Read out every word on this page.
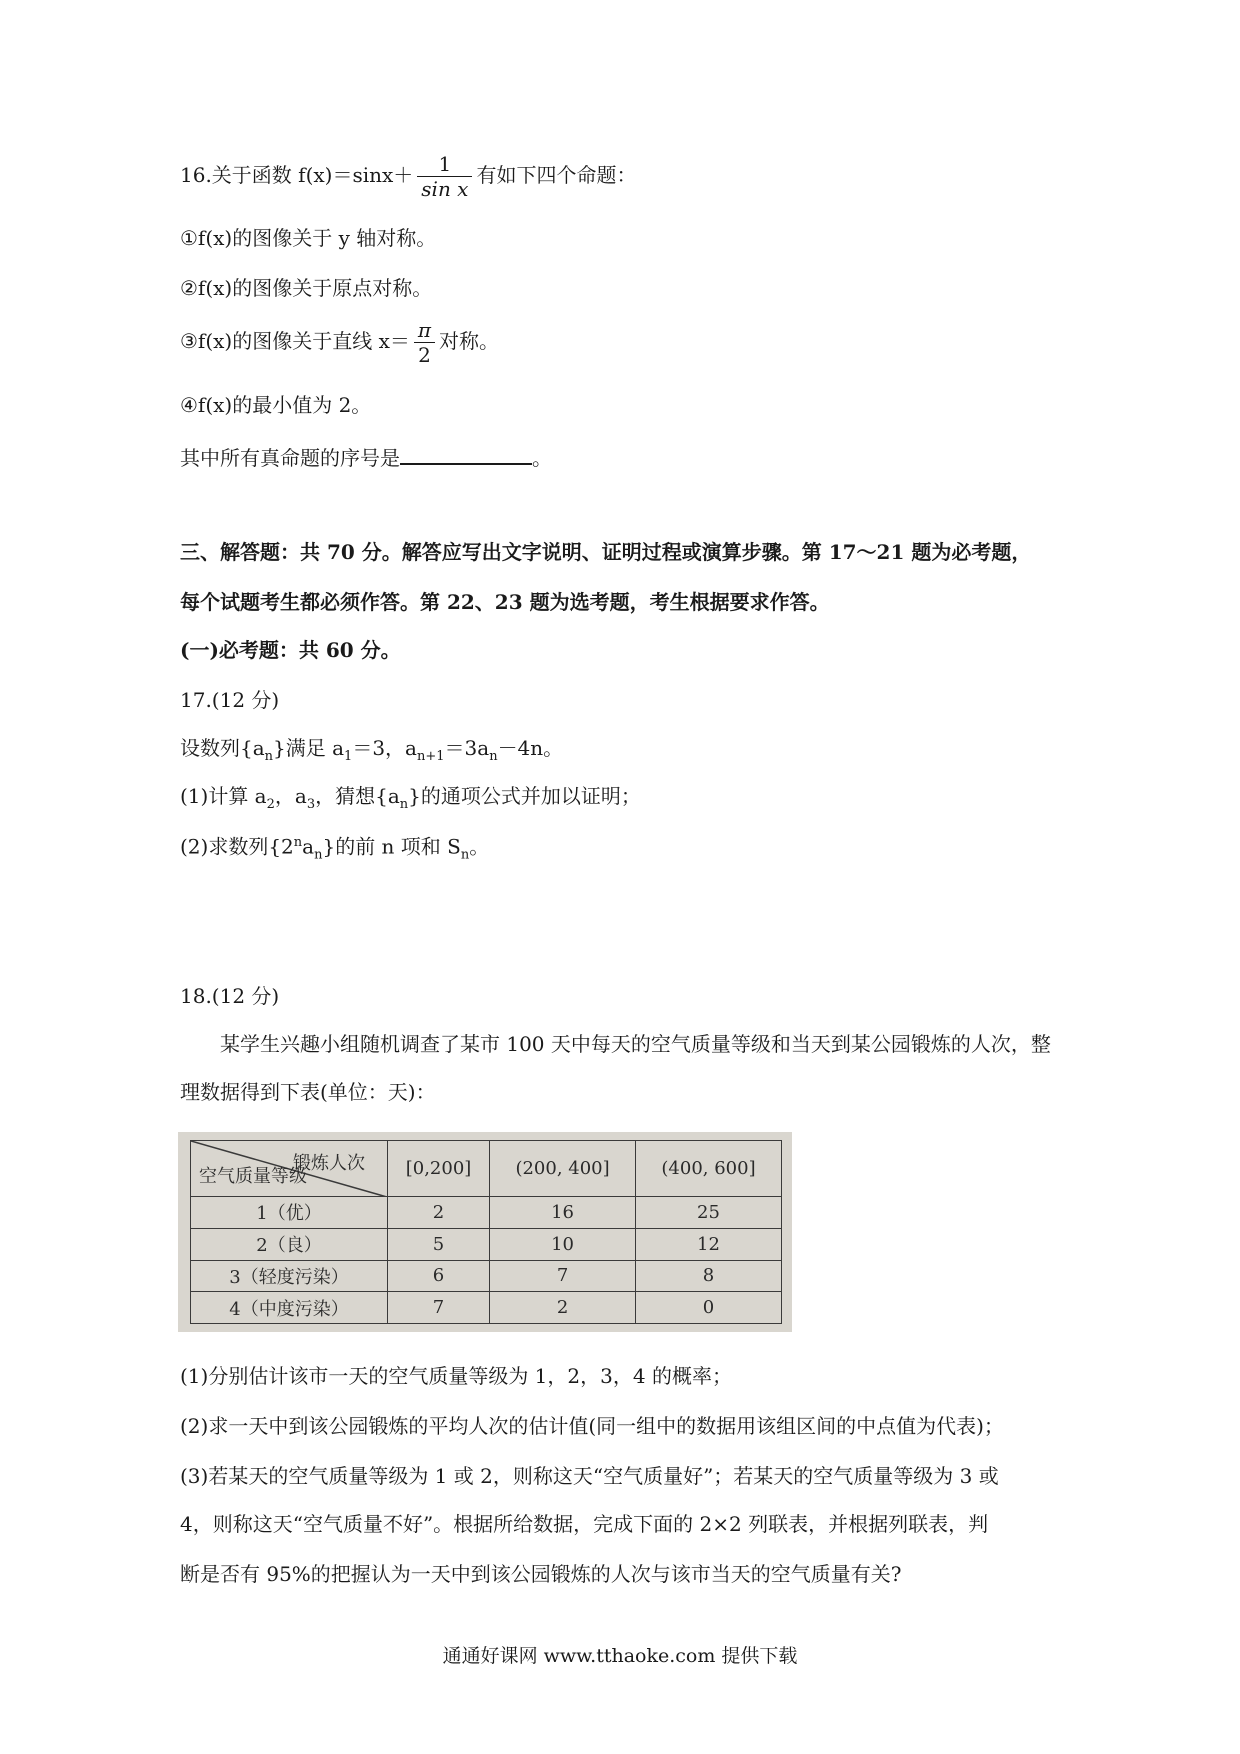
16.关于函数 $f(x)=\sin x+ \frac{1}{\text{sin x}}$ 有如下四个命题：
①f(x)的图像关于 y 轴对称。
②f(x)的图像关于原点对称。
③f(x)的图像关于直线 $x= \frac{\pi}{2}$ 对称。
④f(x)的最小值为 2。
其中所有真命题的序号是	。
三、解答题：共 70 分。解答应写出文字说明、证明过程或演算步骤。第 17～21 题为必考题，
每个试题考生都必须作答。第 22、23 题为选考题，考生根据要求作答。
(一)必考题：共 60 分。
17.(12 分)
设数列$\{a_n\}$满足 $a_1=3$，$a_{n+1}=3a_n-4n$。
(1)计算 $a_2$，$a_3$，猜想$\{a_n\}$的通项公式并加以证明；
(2)求数列$\{2^na_n\}$的前 n 项和 $S_n$。
18.(12 分)
某学生兴趣小组随机调查了某市 100 天中每天的空气质量等级和当天到某公园锻炼的人次，整理数据得到下表(单位：天)：
锻炼人次
空气质量等级	[0,200]	(200, 400]	(400, 600]
1（优）	2	16	25
2（良）	5	10	12
3（轻度污染）	6	7	8
4（中度污染）	7	2	0
(1)分别估计该市一天的空气质量等级为 1，2，3，4 的概率；
(2)求一天中到该公园锻炼的平均人次的估计值(同一组中的数据用该组区间的中点值为代表)；
(3)若某天的空气质量等级为 1 或 2，则称这天“空气质量好”；若某天的空气质量等级为 3 或
4，则称这天“空气质量不好”。根据所给数据，完成下面的 2×2 列联表，并根据列联表，判
断是否有 95%的把握认为一天中到该公园锻炼的人次与该市当天的空气质量有关?
通通好课网 www.tthaoke.com 提供下载
